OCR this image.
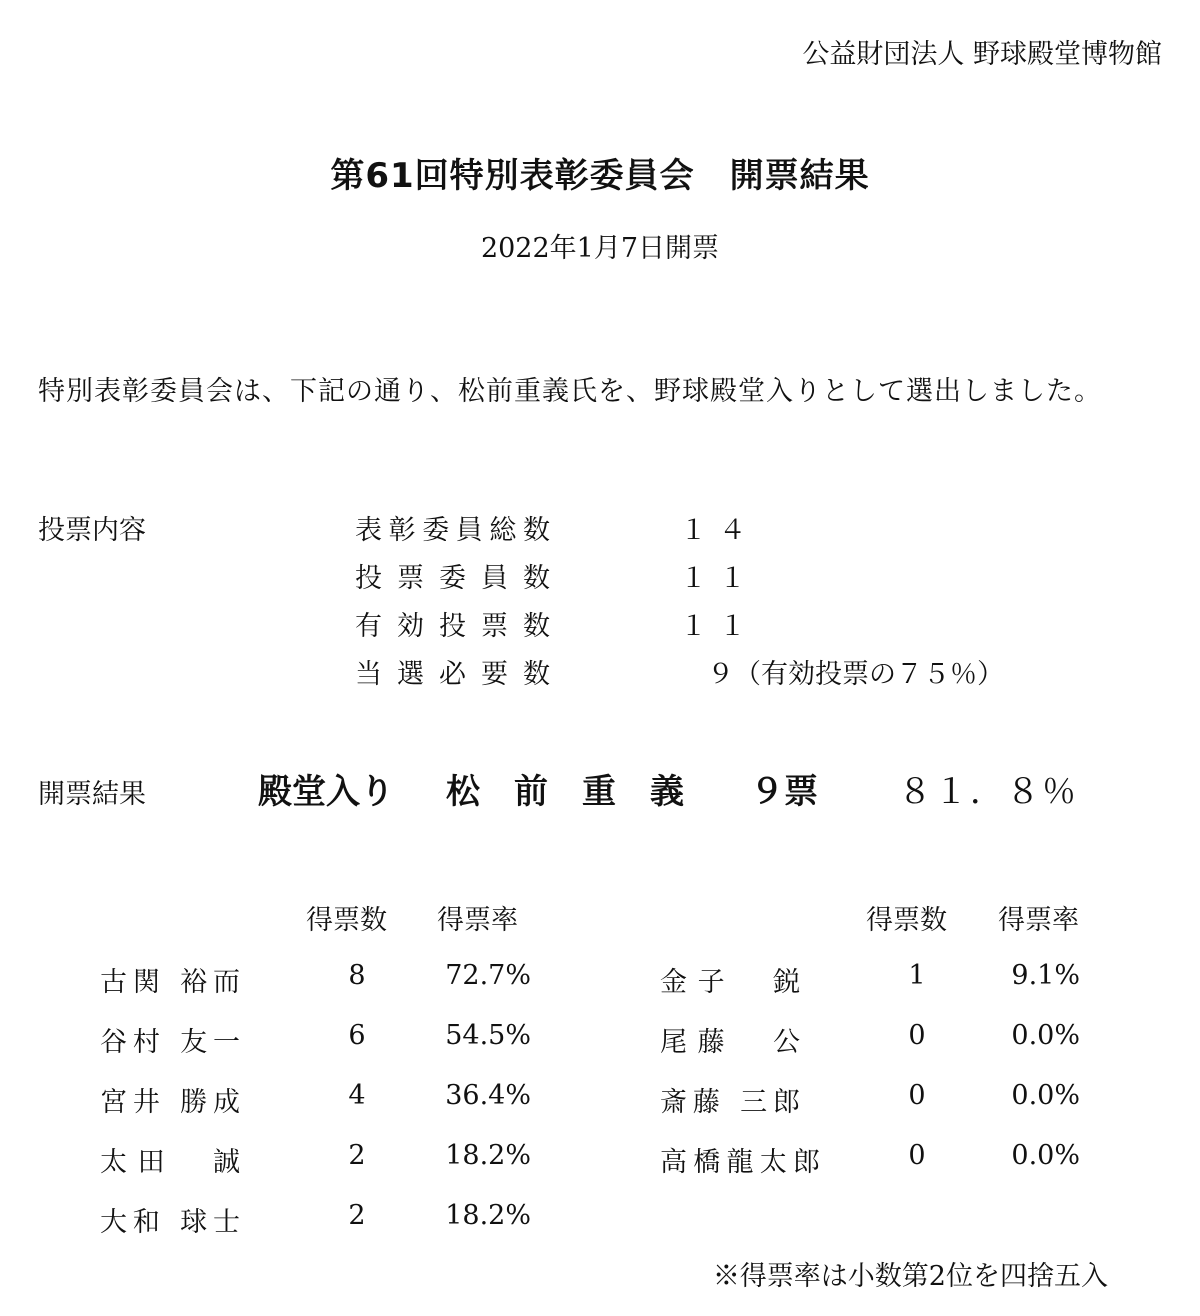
公益財団法人 野球殿堂博物館
第61回特別表彰委員会　開票結果
2022年1月7日開票
特別表彰委員会は、下記の通り、松前重義氏を、野球殿堂入りとして選出しました。
投票内容	表彰委員総数	１４
投票委員数	１１
有効投票数	１１
当選必要数	　９（有効投票の７５％）
開票結果	殿堂入り 松　前　重　義 ９票 ８１．８％
得票数 得票率	得票数 得票率
古関 裕而	8	72.7%
谷村 友一	6	54.5%
宮井 勝成	4	36.4%
太田　誠	2	18.2%
大和 球士	2	18.2%
金子　鋭	1	9.1%
尾藤　公	0	0.0%
斎藤 三郎	0	0.0%
高橋龍太郎	0	0.0%
※得票率は小数第2位を四捨五入
